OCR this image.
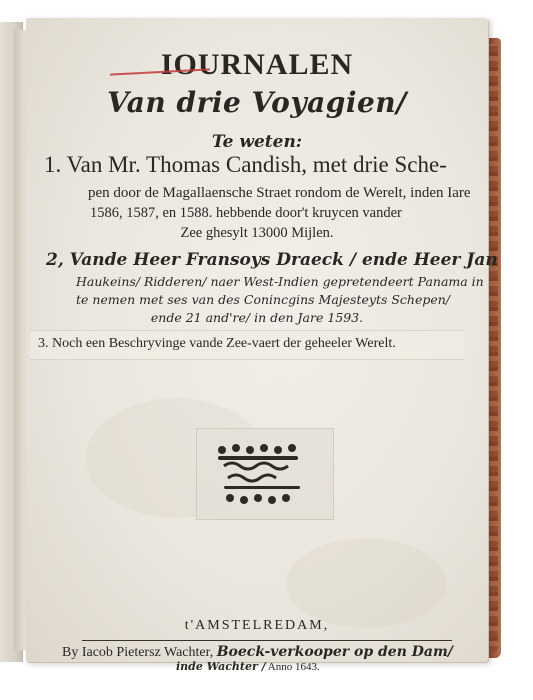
IOURNALEN
Van drie Voyagien/
Te weten:
1. Van Mr. Thomas Candish, met drie Sche-
pen door de Magallaensche Straet rondom de Werelt, inden Iare
1586, 1587, en 1588. hebbende door't kruycen vander
Zee ghesylt 13000 Mijlen.
2, Vande Heer Fransoys Draeck / ende Heer Jan
Haukeins/ Ridderen/ naer West-Indien gepretendeert Panama in
te nemen met ses van des Conincgins Majesteyts Schepen/
ende 21 and're/ in den Jare 1593.
3. Noch een Beschryvinge vande Zee-vaert der geheeler Werelt.
t'AMSTELREDAM,
By Iacob Pietersz Wachter, Boeck-verkooper op den Dam/
inde Wachter / Anno 1643.
